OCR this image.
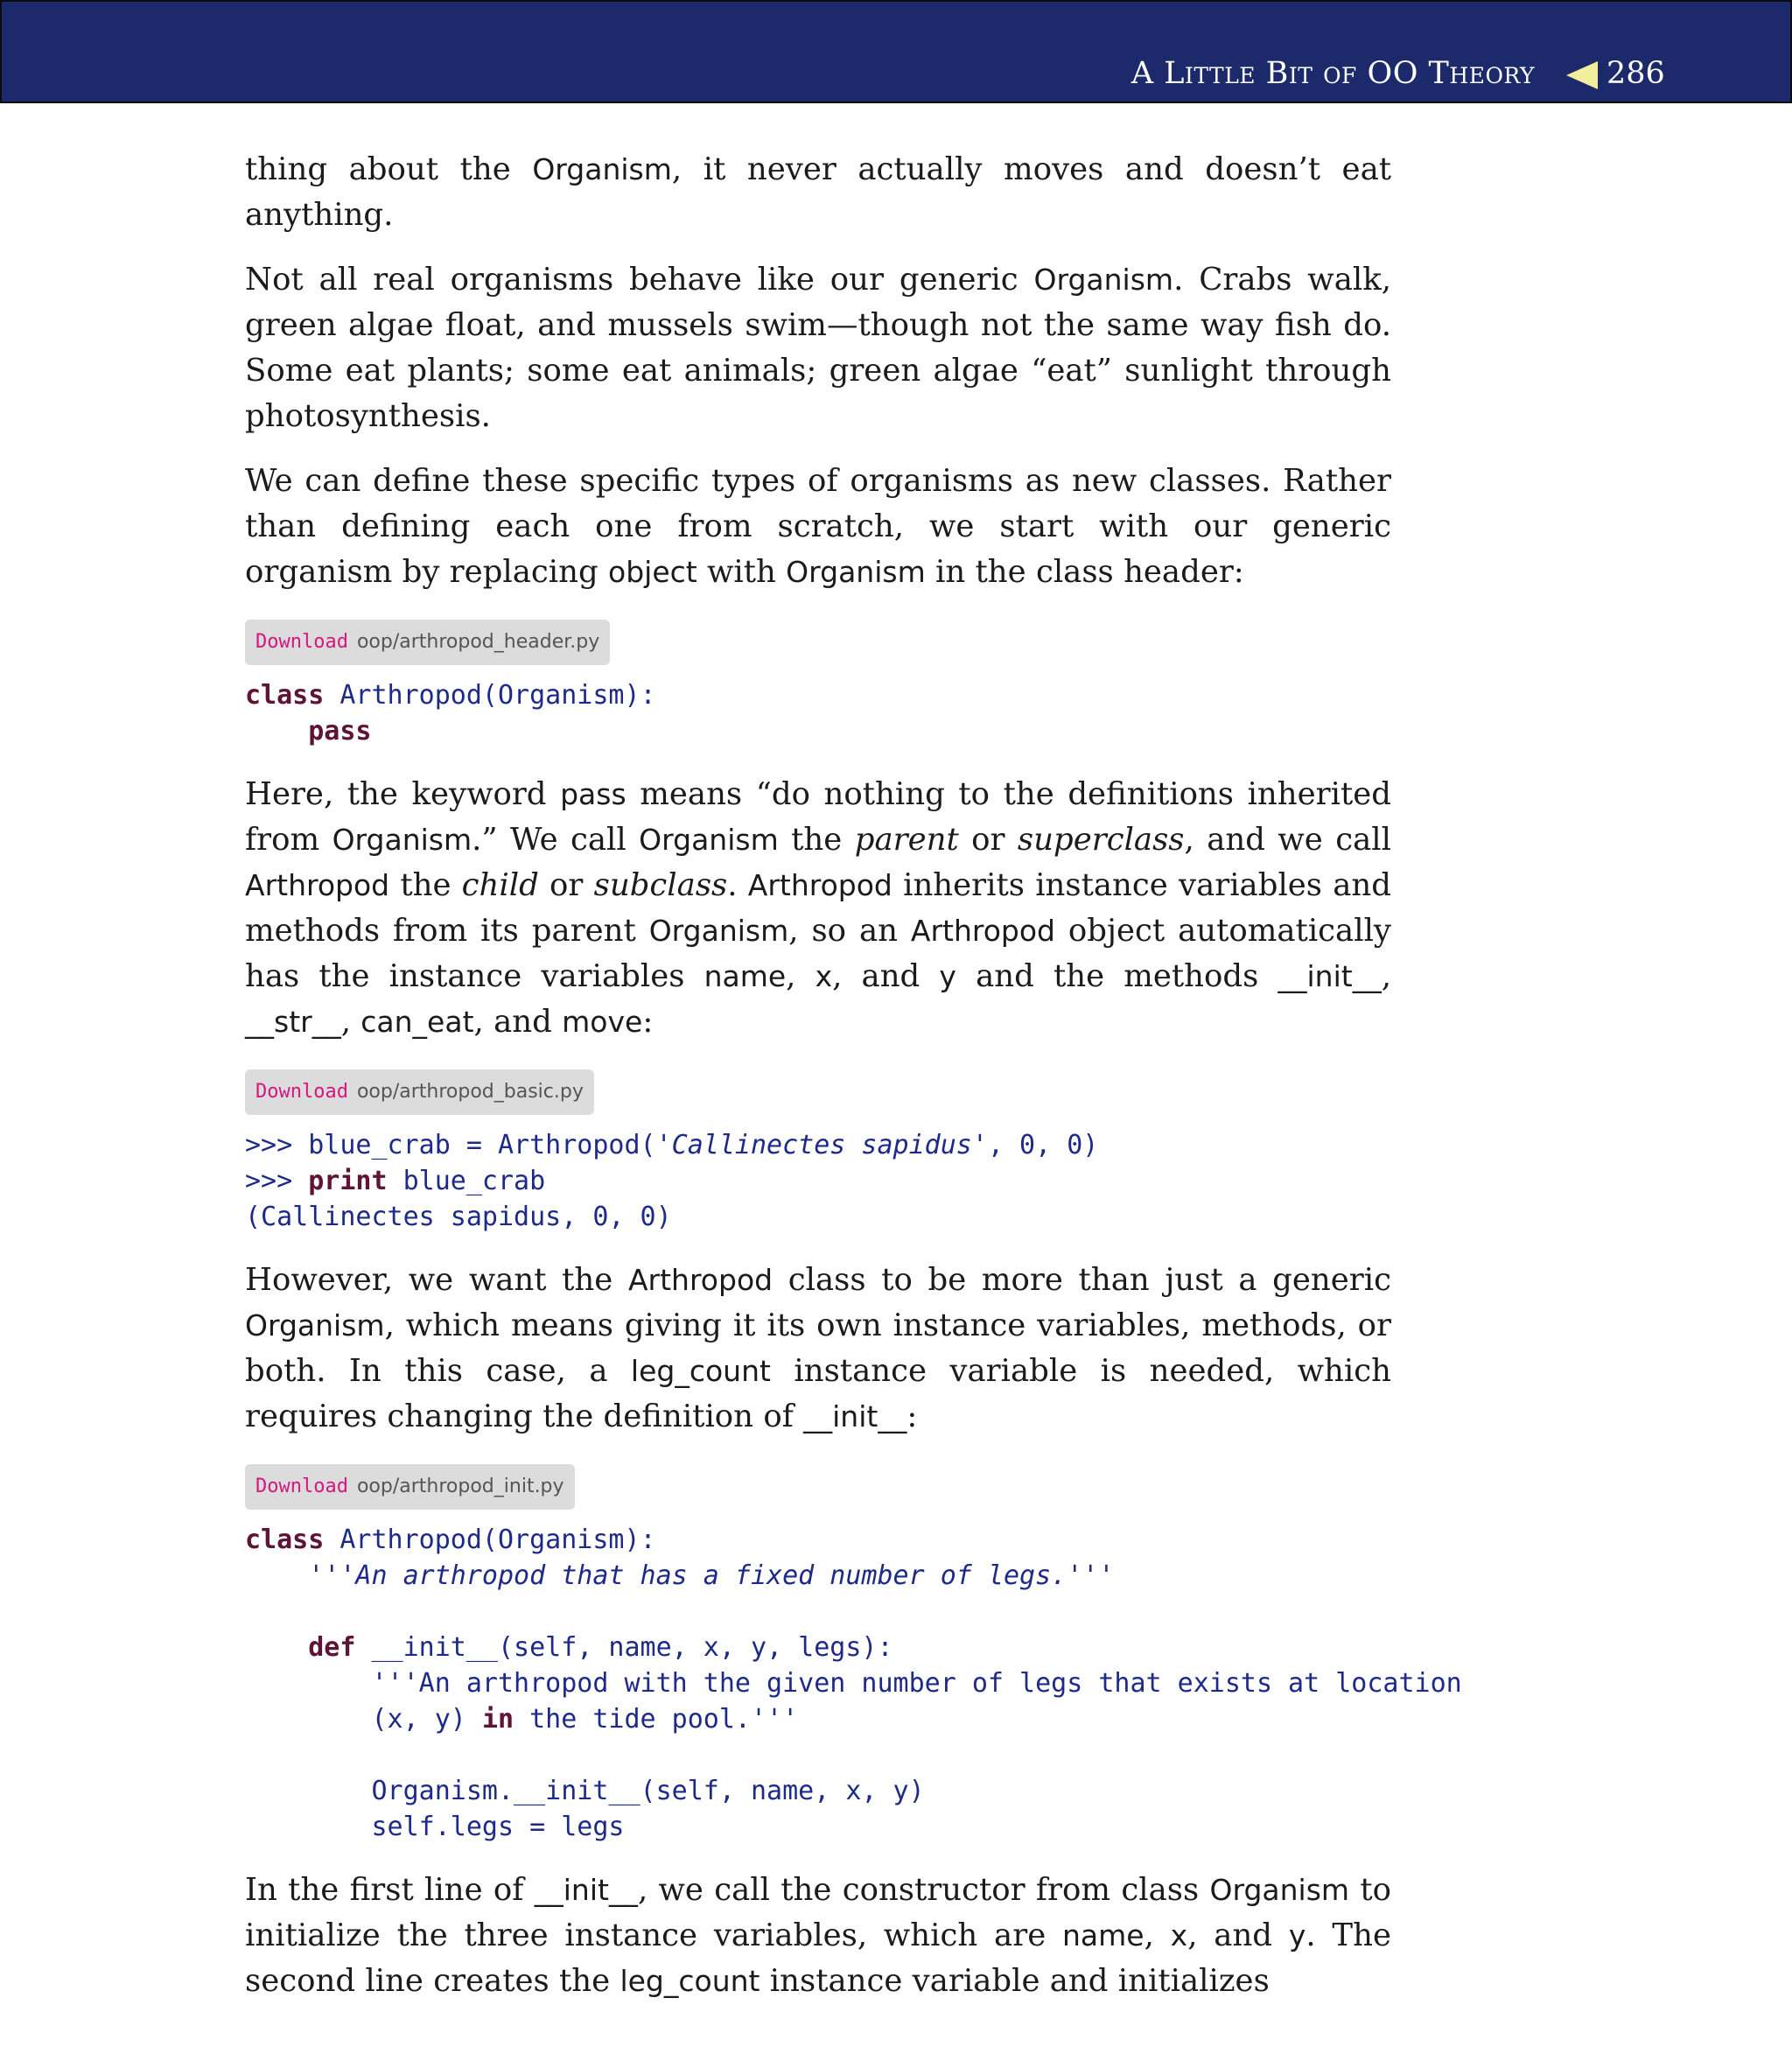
A Little Bit of OO Theory 286

thing about the Organism, it never actually moves and doesn’t eat anything.

Not all real organisms behave like our generic Organism. Crabs walk, green algae float, and mussels swim—though not the same way fish do. Some eat plants; some eat animals; green algae “eat” sunlight through photosynthesis.

We can define these specific types of organisms as new classes. Rather than defining each one from scratch, we start with our generic organism by replacing object with Organism in the class header:

Download oop/arthropod_header.py
class Arthropod(Organism):
pass

Here, the keyword pass means “do nothing to the definitions inherited from Organism.” We call Organism the parent or superclass, and we call Arthropod the child or subclass. Arthropod inherits instance variables and methods from its parent Organism, so an Arthropod object automatically has the instance variables name, x, and y and the methods __init__, __str__, can_eat, and move:

Download oop/arthropod_basic.py
>>> blue_crab = Arthropod('Callinectes sapidus', 0, 0)
>>> print blue_crab
(Callinectes sapidus, 0, 0)

However, we want the Arthropod class to be more than just a generic Organism, which means giving it its own instance variables, methods, or both. In this case, a leg_count instance variable is needed, which requires changing the definition of __init__:

Download oop/arthropod_init.py
class Arthropod(Organism):
'''An arthropod that has a fixed number of legs.'''

def __init__(self, name, x, y, legs):
'''An arthropod with the given number of legs that exists at location
(x, y) in the tide pool.'''

Organism.__init__(self, name, x, y)
self.legs = legs

In the first line of __init__, we call the constructor from class Organism to initialize the three instance variables, which are name, x, and y. The second line creates the leg_count instance variable and initializes
